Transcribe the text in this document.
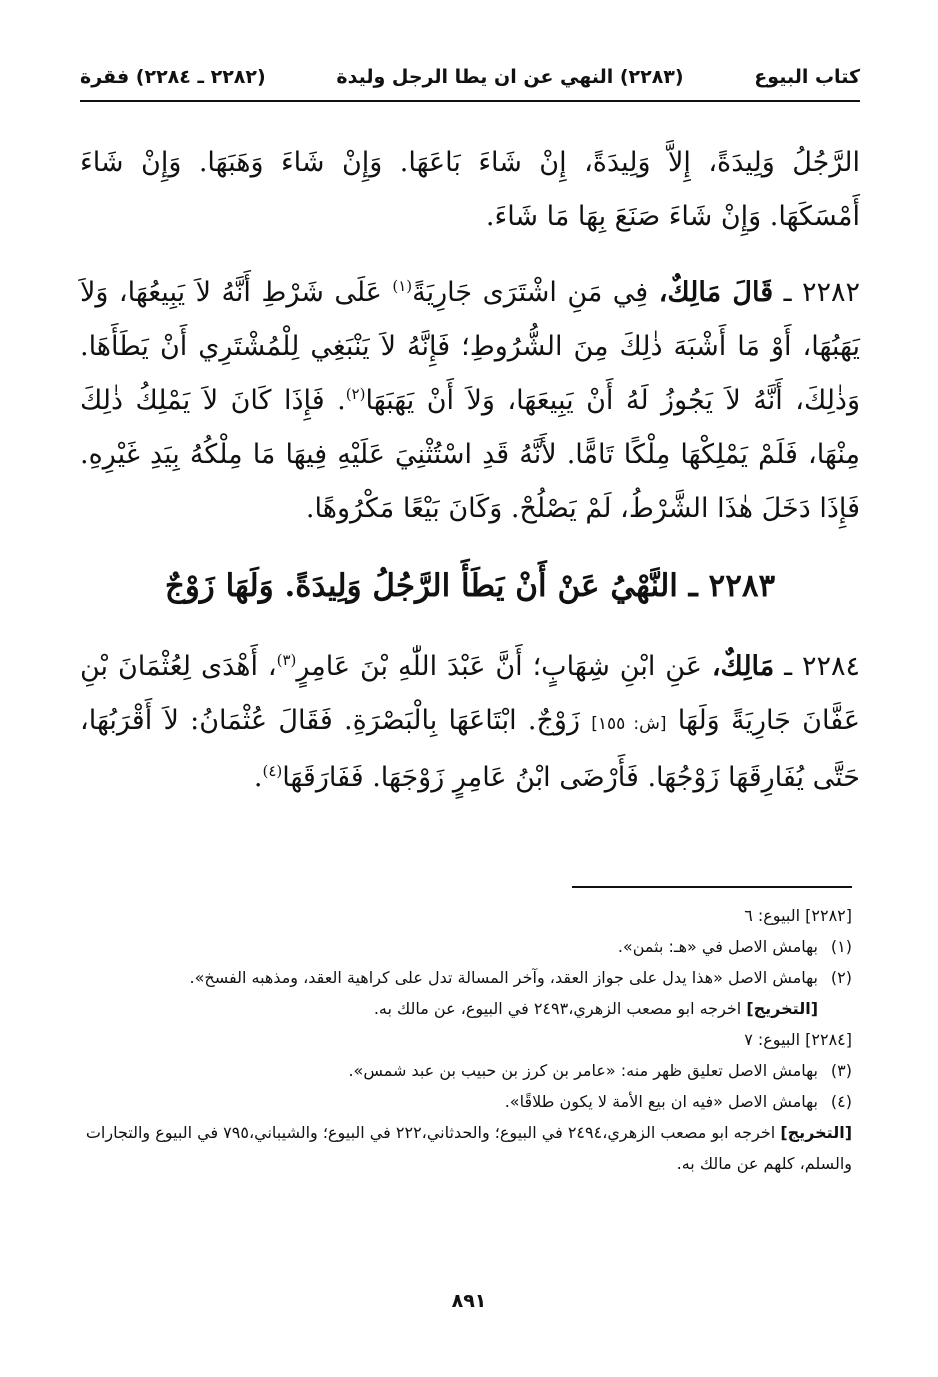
كتاب البيوع
(٢٢٨٣) النهي عن ان يطا الرجل وليدة
(٢٢٨٢ ـ ٢٢٨٤) فقرة

الرَّجُلُ وَلِيدَةً، إِلاَّ وَلِيدَةً، إِنْ شَاءَ بَاعَهَا. وَإِنْ شَاءَ وَهَبَهَا. وَإِنْ شَاءَ أَمْسَكَهَا. وَإِنْ شَاءَ صَنَعَ بِهَا مَا شَاءَ.

٢٢٨٢ ـ قَالَ مَالِكٌ، فِي مَنِ اشْتَرَى جَارِيَةً$^{(١)}$ عَلَى شَرْطِ أَنَّهُ لاَ يَبِيعُهَا، وَلاَ يَهَبُهَا، أَوْ مَا أَشْبَهَ ذٰلِكَ مِنَ الشُّرُوطِ؛ فَإِنَّهُ لاَ يَنْبَغِي لِلْمُشْتَرِي أَنْ يَطَأَهَا. وَذٰلِكَ، أَنَّهُ لاَ يَجُوزُ لَهُ أَنْ يَبِيعَهَا، وَلاَ أَنْ يَهَبَهَا$^{(٢)}$. فَإِذَا كَانَ لاَ يَمْلِكُ ذٰلِكَ مِنْهَا، فَلَمْ يَمْلِكْهَا مِلْكًا تَامًّا. لأَنَّهُ قَدِ اسْتُثْنِيَ عَلَيْهِ فِيهَا مَا مِلْكُهُ بِيَدِ غَيْرِهِ. فَإِذَا دَخَلَ هٰذَا الشَّرْطُ، لَمْ يَصْلُحْ. وَكَانَ بَيْعًا مَكْرُوهًا.

٢٢٨٣ ـ النَّهْيُ عَنْ أَنْ يَطَأَ الرَّجُلُ وَلِيدَةً. وَلَهَا زَوْجٌ

٢٢٨٤ ـ مَالِكٌ، عَنِ ابْنِ شِهَابٍ؛ أَنَّ عَبْدَ اللّٰهِ بْنَ عَامِرٍ$^{(٣)}$، أَهْدَى لِعُثْمَانَ بْنِ عَفَّانَ جَارِيَةً وَلَهَا [ش: ١٥٥] زَوْجٌ. ابْتَاعَهَا بِالْبَصْرَةِ. فَقَالَ عُثْمَانُ: لاَ أَقْرَبُهَا، حَتَّى يُفَارِقَهَا زَوْجُهَا. فَأَرْضَى ابْنُ عَامِرٍ زَوْجَهَا. فَفَارَقَهَا$^{(٤)}$.

[٢٢٨٢] البيوع: ٦

(١)بهامش الاصل في «هـ: بثمن».

(٢)بهامش الاصل «هذا يدل على جواز العقد، وآخر المسالة تدل على كراهية العقد، ومذهبه الفسخ».

[التخريج] اخرجه ابو مصعب الزهري،٢٤٩٣ في البيوع، عن مالك به.

[٢٢٨٤] البيوع: ٧

(٣)بهامش الاصل تعليق ظهر منه: «عامر بن كرز بن حبيب بن عبد شمس».

(٤)بهامش الاصل «فيه ان بيع الأمة لا يكون طلاقًا».

[التخريج] اخرجه ابو مصعب الزهري،٢٤٩٤ في البيوع؛ والحدثاني،٢٢٢ في البيوع؛ والشيباني،٧٩٥ في البيوع والتجارات والسلم، كلهم عن مالك به.

٨٩١
